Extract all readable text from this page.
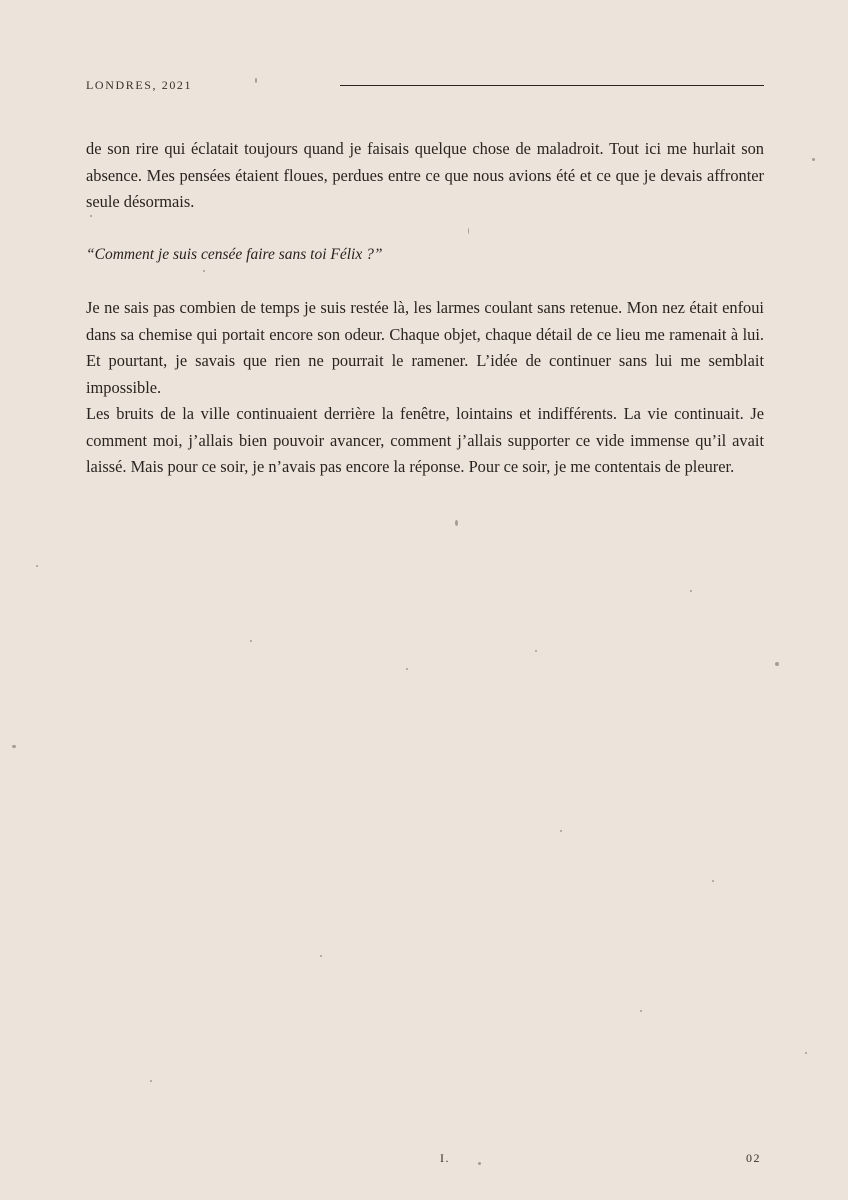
LONDRES, 2021

de son rire qui éclatait toujours quand je faisais quelque chose de maladroit. Tout ici me hurlait son absence. Mes pensées étaient floues, perdues entre ce que nous avions été et ce que je devais affronter seule désormais.

“Comment je suis censée faire sans toi Félix ?”

Je ne sais pas combien de temps je suis restée là, les larmes coulant sans retenue. Mon nez était enfoui dans sa chemise qui portait encore son odeur. Chaque objet, chaque détail de ce lieu me ramenait à lui. Et pourtant, je savais que rien ne pourrait le ramener. L’idée de continuer sans lui me semblait impossible.

Les bruits de la ville continuaient derrière la fenêtre, lointains et indifférents. La vie continuait. Je comment moi, j’allais bien pouvoir avancer, comment j’allais supporter ce vide immense qu’il avait laissé. Mais pour ce soir, je n’avais pas encore la réponse. Pour ce soir, je me contentais de pleurer.

I.	02
